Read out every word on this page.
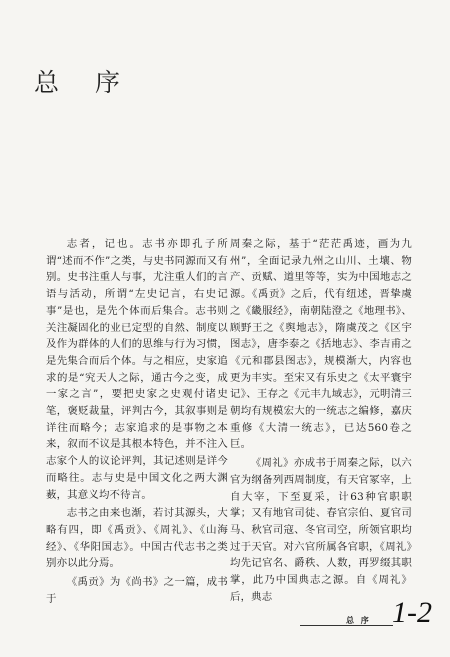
总 序

志者，记也。志书亦即孔子所谓“述而不作”之类，与史书同源而又有别。史书注重人与事，尤注重人们的言语与活动，所谓“左史记言，右史记事”是也，是先个体而后集合。志书则关注凝固化的业已定型的自然、制度以及作为群体的人们的思维与行为习惯，是先集合而后个体。与之相应，史家追求的是“究天人之际，通古今之变，成一家之言”，要把史家之史观付诸史笔，褒贬裁量，评判古今，其叙事则是详往而略今；志家追求的是事物之本来，叙而不议是其根本特色，并不注入志家个人的议论评判，其记述则是详今而略往。志与史是中国文化之两大渊薮，其意义均不待言。

志书之由来也渐，若讨其源头，大略有四，即《禹贡》、《周礼》、《山海经》、《华阳国志》。中国古代志书之类别亦以此分焉。

《禹贡》为《尚书》之一篇，成书于

周秦之际，基于“茫茫禹迹，画为九州”，全面记录九州之山川、土壤、物产、贡赋、道里等等，实为中国地志之源。《禹贡》之后，代有纽述，晋挚虞之《畿服经》，南朝陆澄之《地理书》、顾野王之《舆地志》，隋虞茂之《区宇图志》，唐李泰之《括地志》、李吉甫之《元和郡县图志》，规模渐大，内容也更为丰实。至宋又有乐史之《太平寰宇记》、王存之《元丰九域志》，元明清三朝均有规模宏大的一统志之编修，嘉庆重修《大清一统志》，已达560卷之巨。

《周礼》亦成书于周秦之际，以六官为纲备列西周制度，有天官冢宰，上自大宰，下至夏采，计63种官职职掌；又有地官司徒、春官宗伯、夏官司马、秋官司寇、冬官司空，所领官职均过于天官。对六官所属各官职，《周礼》均先记官名、爵秩、人数，再罗缀其职掌，此乃中国典志之源。自《周礼》后，典志

总 序 1-2
